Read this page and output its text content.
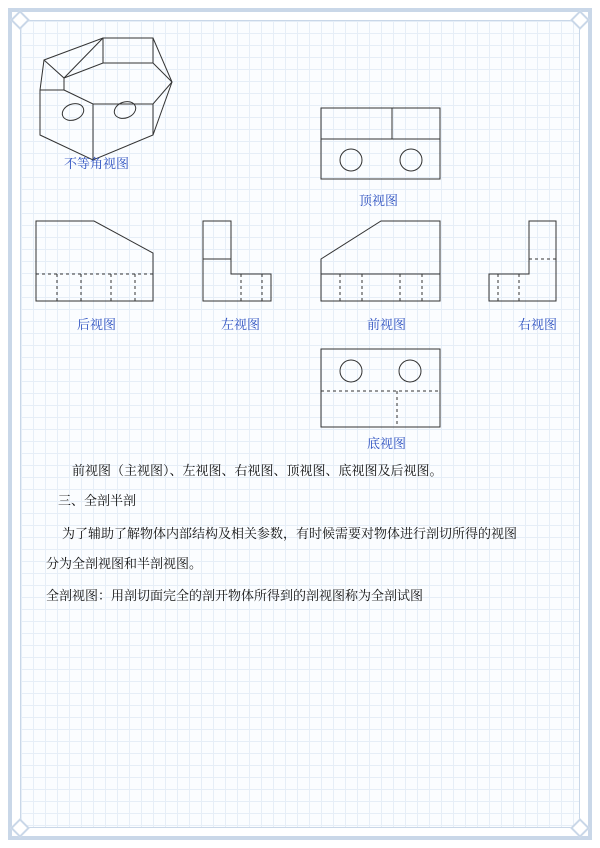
不等角视图
顶视图
后视图	左视图	前视图	右视图
底视图
前视图（主视图）、左视图、右视图、顶视图、底视图及后视图。
三、全剖半剖
为了辅助了解物体内部结构及相关参数，有时候需要对物体进行剖切所得的视图
分为全剖视图和半剖视图。
全剖视图：用剖切面完全的剖开物体所得到的剖视图称为全剖试图
